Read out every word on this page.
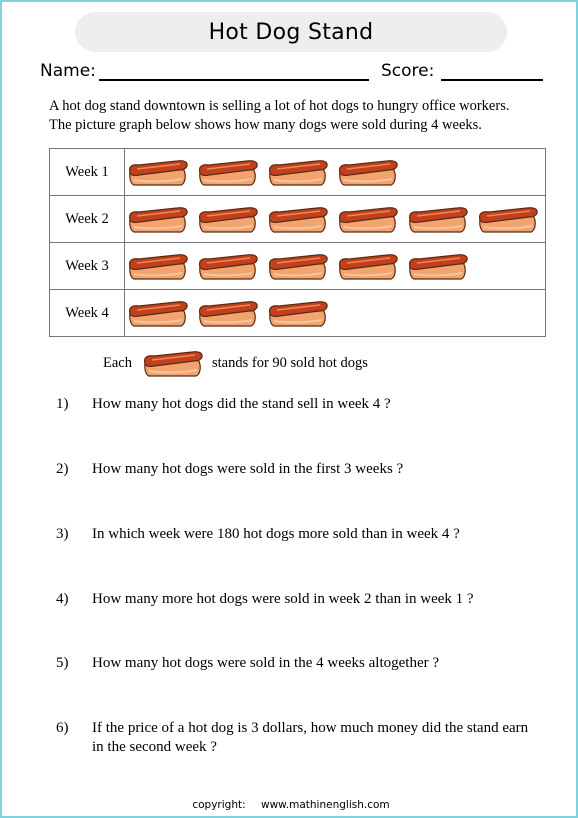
Hot Dog Stand
Name:	Score:

A hot dog stand downtown is selling a lot of hot dogs to hungry office workers.

The picture graph below shows how many dogs were sold during 4 weeks.

Week 1	

Week 2	

Week 3	

Week 4	
Each	stands for 90 sold hot dogs
1) How many hot dogs did the stand sell in week 4 ?
2) How many hot dogs were sold in the first 3 weeks ?
3) In which week were 180 hot dogs more sold than in week 4 ?
4) How many more hot dogs were sold in week 2 than in week 1 ?
5) How many hot dogs were sold in the 4 weeks altogether ?
6) If the price of a hot dog is 3 dollars, how much money did the stand earn in the second week ?
copyright: www.mathinenglish.com
